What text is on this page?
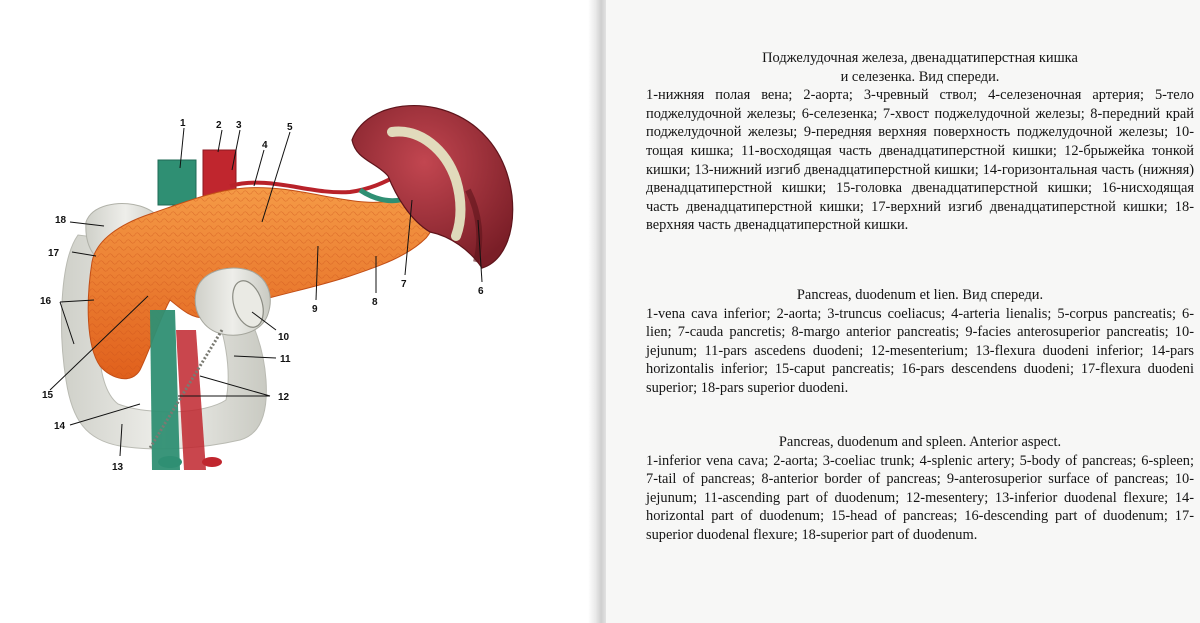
1	2 3
4
5
6
7
8
9
10
11
12
13
14
15
16
17
18
Поджелудочная железа, двенадцатиперстная кишка
и селезенка. Вид спереди.
1-нижняя полая вена; 2-аорта; 3-чревный ствол; 4-селезеночная артерия; 5-тело поджелудочной железы; 6-селезенка; 7-хвост поджелудочной железы; 8-передний край поджелудочной железы; 9-передняя верхняя поверхность поджелудочной железы; 10-тощая кишка; 11-восходящая часть двенадцатиперстной кишки; 12-брыжейка тонкой кишки; 13-нижний изгиб двенадцатиперстной кишки; 14-горизонтальная часть (нижняя) двенадцатиперстной кишки; 15-головка двенадцатиперстной кишки; 16-нисходящая часть двенадцатиперстной кишки; 17-верхний изгиб двенадцатиперстной кишки; 18-верхняя часть двенадцатиперстной кишки.
Pancreas, duodenum et lien. Вид спереди.
1-vena cava inferior; 2-aorta; 3-truncus coeliacus; 4-arteria lienalis; 5-corpus pancreatis; 6-lien; 7-cauda pancretis; 8-margo anterior pancreatis; 9-facies anterosuperior pancreatis; 10-jejunum; 11-pars ascedens duodeni; 12-mesenterium; 13-flexura duodeni inferior; 14-pars horizontalis inferior; 15-caput pancreatis; 16-pars descendens duodeni; 17-flexura duodeni superior; 18-pars superior duodeni.
Pancreas, duodenum and spleen. Anterior aspect.
1-inferior vena cava; 2-aorta; 3-coeliac trunk; 4-splenic artery; 5-body of pancreas; 6-spleen; 7-tail of pancreas; 8-anterior border of pancreas; 9-anterosuperior surface of pancreas; 10-jejunum; 11-ascending part of duodenum; 12-mesentery; 13-inferior duodenal flexure; 14-horizontal part of duodenum; 15-head of pancreas; 16-descending part of duodenum; 17-superior duodenal flexure; 18-superior part of duodenum.
